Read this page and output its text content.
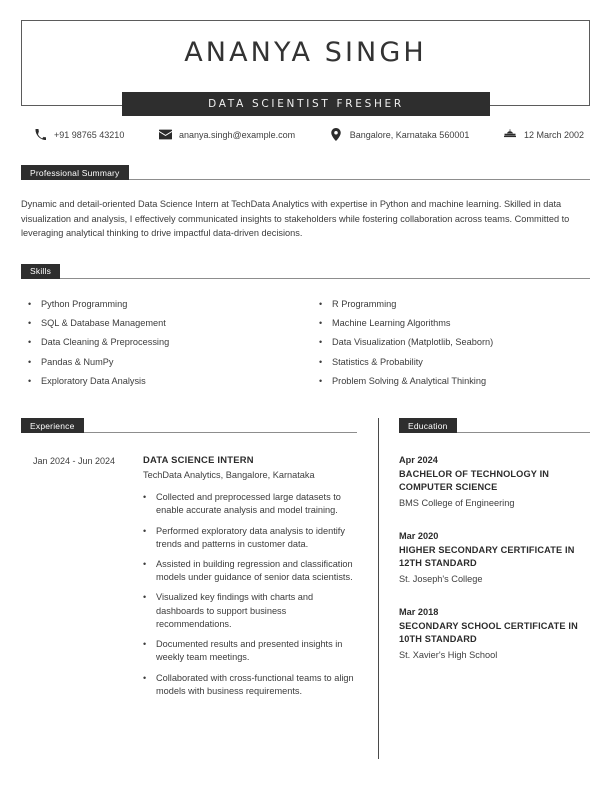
ANANYA SINGH
DATA SCIENTIST FRESHER
+91 98765 43210	ananya.singh@example.com	Bangalore, Karnataka 560001	12 March 2002
Professional Summary
Dynamic and detail-oriented Data Science Intern at TechData Analytics with expertise in Python and machine learning. Skilled in data visualization and analysis, I effectively communicated insights to stakeholders while fostering collaboration across teams. Committed to leveraging analytical thinking to drive impactful data-driven decisions.
Skills
•	Python Programming	•	R Programming
•	SQL & Database Management	•	Machine Learning Algorithms
•	Data Cleaning & Preprocessing	•	Data Visualization (Matplotlib, Seaborn)
•	Pandas & NumPy	•	Statistics & Probability
•	Exploratory Data Analysis	•	Problem Solving & Analytical Thinking
Experience
Jan 2024 - Jun 2024	DATA SCIENCE INTERN
TechData Analytics, Bangalore, Karnataka
•	Collected and preprocessed large datasets to enable accurate analysis and model training.
•	Performed exploratory data analysis to identify trends and patterns in customer data.
•	Assisted in building regression and classification models under guidance of senior data scientists.
•	Visualized key findings with charts and dashboards to support business recommendations.
•	Documented results and presented insights in weekly team meetings.
•	Collaborated with cross-functional teams to align models with business requirements.
Education
Apr 2024
BACHELOR OF TECHNOLOGY IN COMPUTER SCIENCE
BMS College of Engineering
Mar 2020
HIGHER SECONDARY CERTIFICATE IN 12TH STANDARD
St. Joseph's College
Mar 2018
SECONDARY SCHOOL CERTIFICATE IN 10TH STANDARD
St. Xavier's High School
